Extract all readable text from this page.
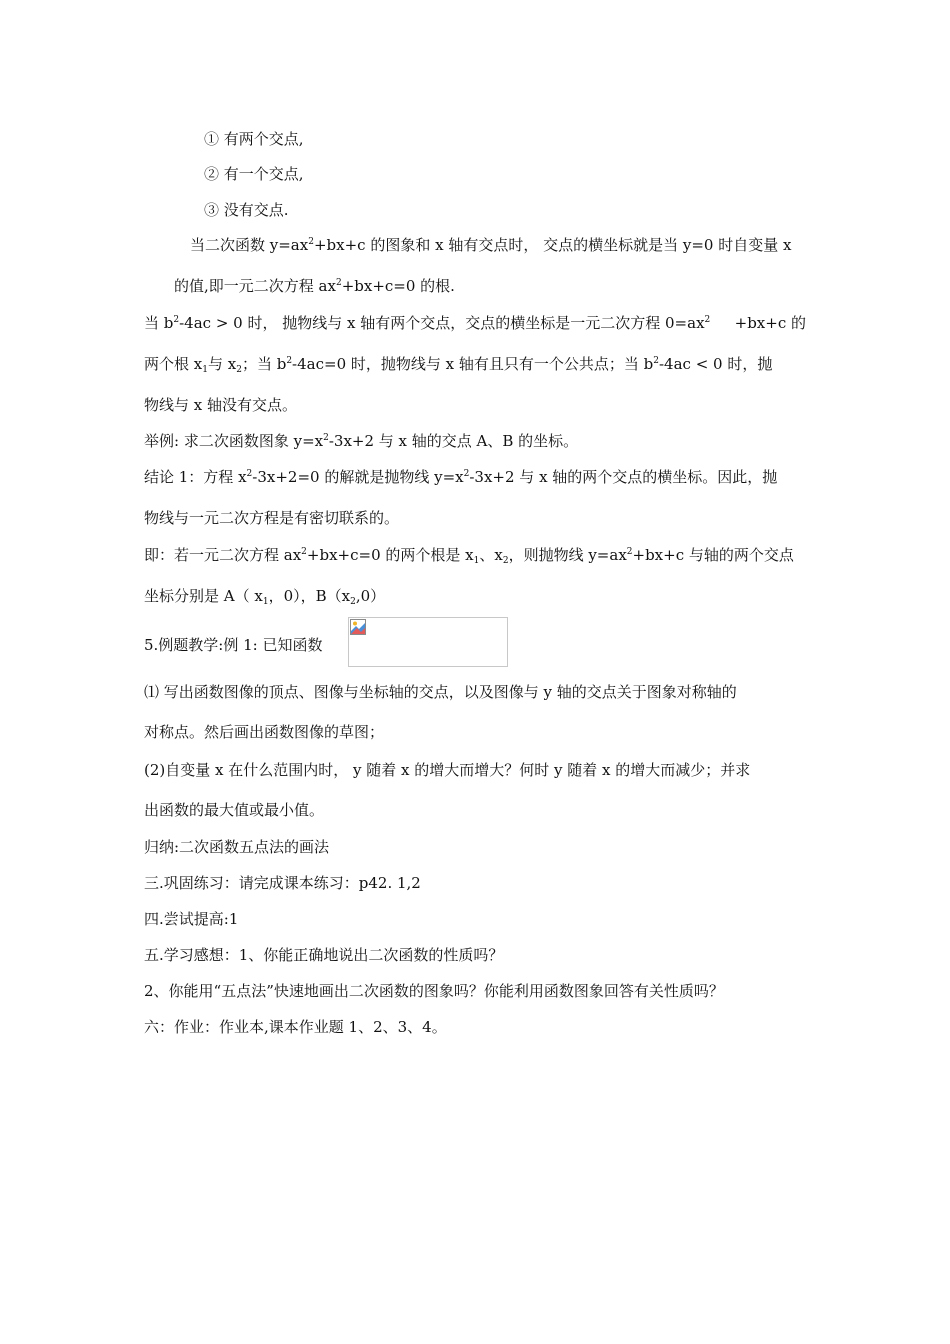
① 有两个交点,
② 有一个交点,
③ 没有交点.
当二次函数 $y=ax^2+bx+c$ 的图象和 x 轴有交点时， 交点的横坐标就是当 y=0 时自变量 x
的值,即一元二次方程 $ax^2+bx+c=0$ 的根.
当 $b^2-4ac > 0$ 时， 抛物线与 x 轴有两个交点，交点的横坐标是一元二次方程 $0=ax^2 +bx+c$ 的
两个根 $x_1$与 $x_2$；当 $b^2-4ac=0$ 时，抛物线与 x 轴有且只有一个公共点；当 $b^2-4ac < 0$ 时，抛
物线与 x 轴没有交点。
举例: 求二次函数图象 $y=x^2-3x+2$ 与 x 轴的交点 A、B 的坐标。
结论 1：方程 $x^2-3x+2=0$ 的解就是抛物线 $y=x^2-3x+2$ 与 x 轴的两个交点的横坐标。因此，抛
物线与一元二次方程是有密切联系的。
即：若一元二次方程 $ax^2+bx+c=0$ 的两个根是 $x_1$、$x_2$，则抛物线 $y=ax^2+bx+c$ 与轴的两个交点
坐标分别是 A（ $x_1$，0），$B(x_2,0)$
5.例题教学:例 1: 已知函数
⑴ 写出函数图像的顶点、图像与坐标轴的交点，以及图像与 y 轴的交点关于图象对称轴的
对称点。然后画出函数图像的草图；
(2)自变量 x 在什么范围内时， y 随着 x 的增大而增大？何时 y 随着 x 的增大而减少；并求
出函数的最大值或最小值。
归纳:二次函数五点法的画法
三.巩固练习：请完成课本练习：p42. 1,2
四.尝试提高:1
五.学习感想：1、你能正确地说出二次函数的性质吗？
2、你能用“五点法”快速地画出二次函数的图象吗？你能利用函数图象回答有关性质吗？
六：作业：作业本,课本作业题 1、2、3、4。
